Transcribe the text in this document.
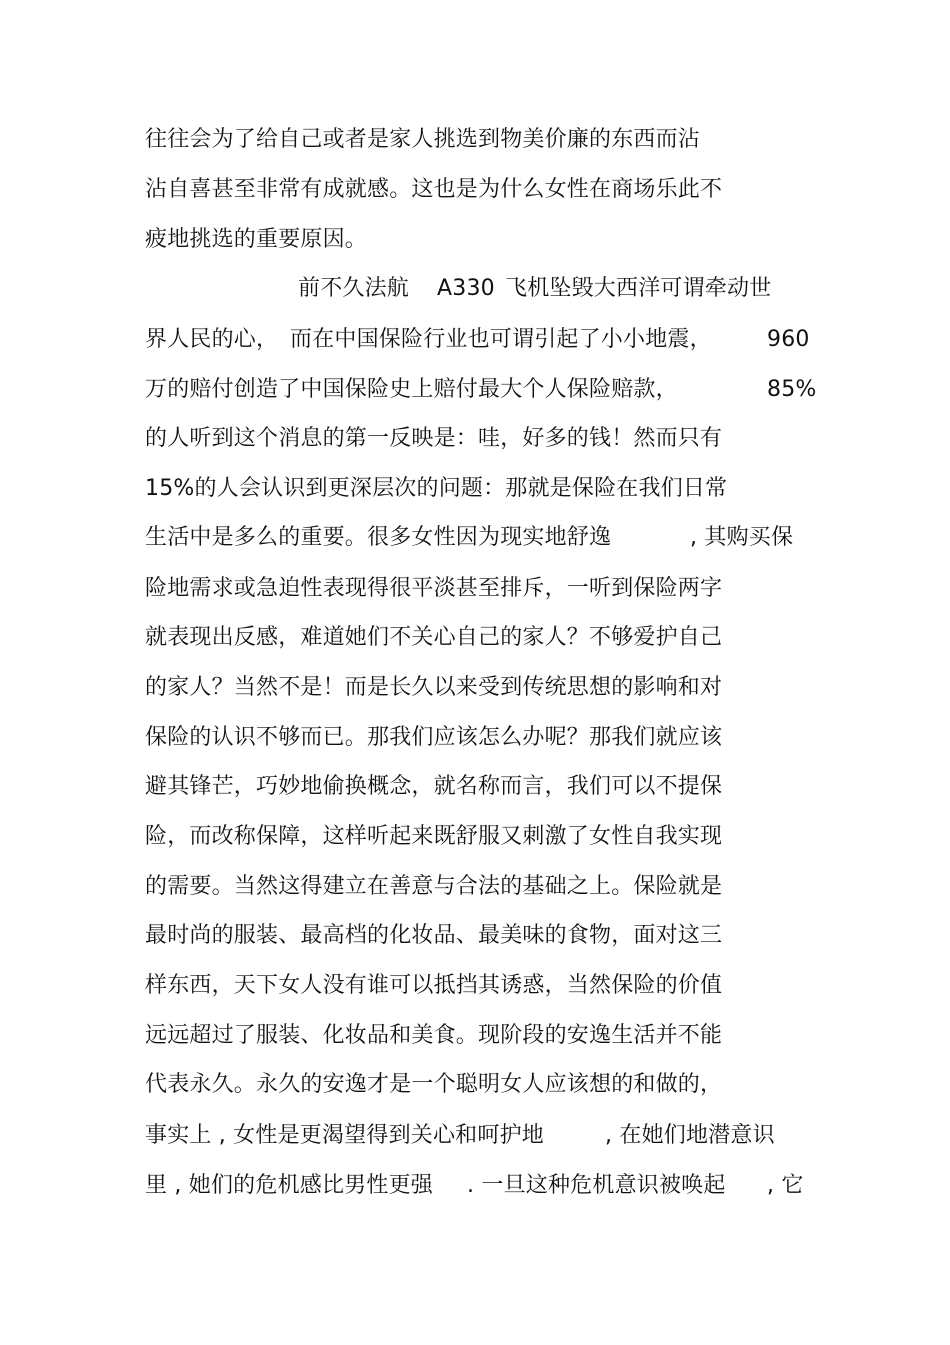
往往会为了给自己或者是家人挑选到物美价廉的东西而沾
沾自喜甚至非常有成就感。这也是为什么女性在商场乐此不
疲地挑选的重要原因。
前不久法航 A330 飞机坠毁大西洋可谓牵动世
界人民的心， 而在中国保险行业也可谓引起了小小地震，	960
万的赔付创造了中国保险史上赔付最大个人保险赔款，	85%
的人听到这个消息的第一反映是：哇，好多的钱！然而只有
15%的人会认识到更深层次的问题：那就是保险在我们日常
生活中是多么的重要。很多女性因为现实地舒逸	, 其购买保
险地需求或急迫性表现得很平淡甚至排斥，一听到保险两字
就表现出反感，难道她们不关心自己的家人？不够爱护自己
的家人？当然不是！而是长久以来受到传统思想的影响和对
保险的认识不够而已。那我们应该怎么办呢？那我们就应该
避其锋芒，巧妙地偷换概念，就名称而言，我们可以不提保
险，而改称保障，这样听起来既舒服又刺激了女性自我实现
的需要。当然这得建立在善意与合法的基础之上。保险就是
最时尚的服装、最高档的化妆品、最美味的食物，面对这三
样东西，天下女人没有谁可以抵挡其诱惑，当然保险的价值
远远超过了服装、化妆品和美食。现阶段的安逸生活并不能
代表永久。永久的安逸才是一个聪明女人应该想的和做的，
事实上 , 女性是更渴望得到关心和呵护地	, 在她们地潜意识
里 , 她们的危机感比男性更强 . 一旦这种危机意识被唤起 , 它
